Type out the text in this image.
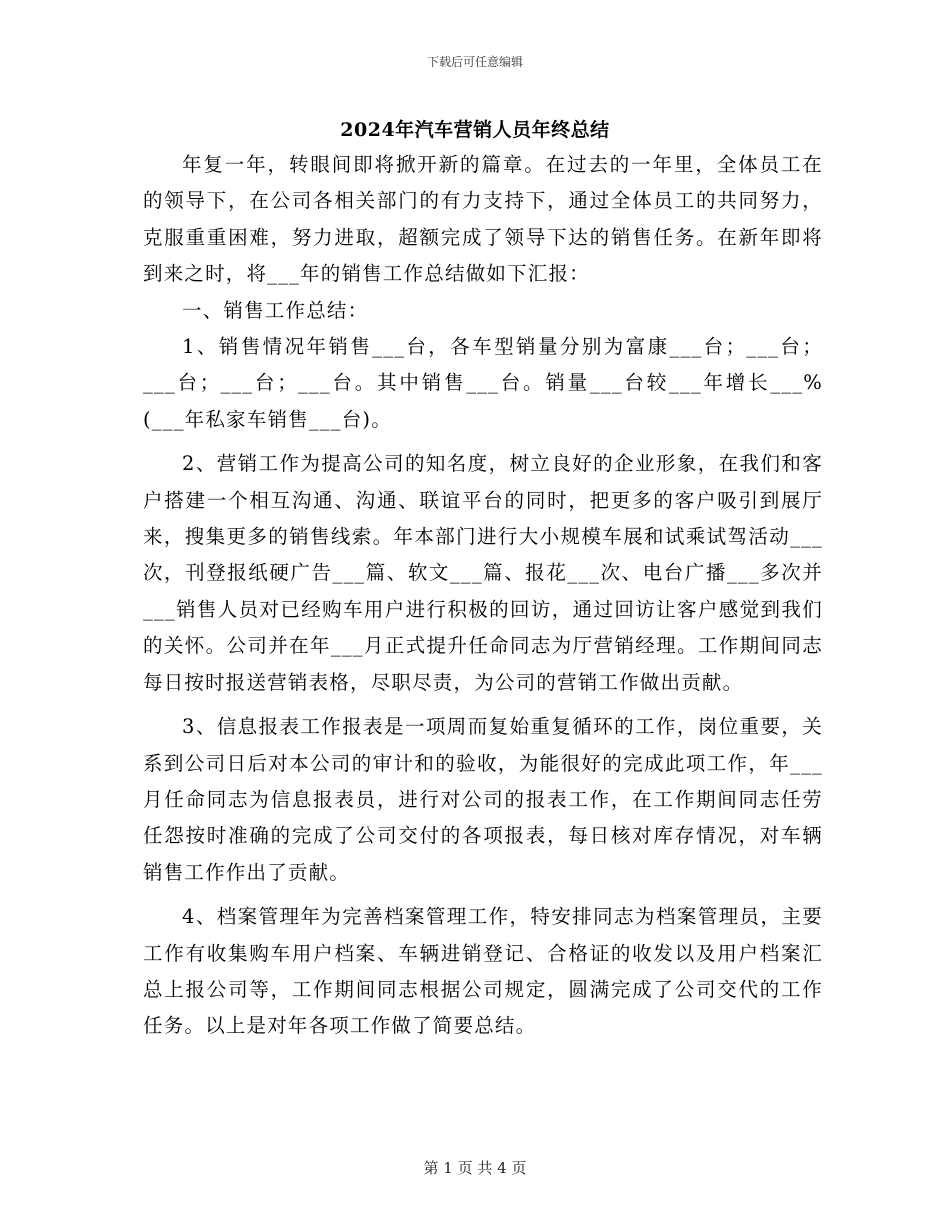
下载后可任意编辑
2024年汽车营销人员年终总结

年复一年，转眼间即将掀开新的篇章。在过去的一年里，全体员工在的领导下，在公司各相关部门的有力支持下，通过全体员工的共同努力，克服重重困难，努力进取，超额完成了领导下达的销售任务。在新年即将到来之时，将___年的销售工作总结做如下汇报：

一、销售工作总结：

1、销售情况年销售___台，各车型销量分别为富康___台；___台；___台；___台；___台。其中销售___台。销量___台较___年增长___%(___年私家车销售___台)。

2、营销工作为提高公司的知名度，树立良好的企业形象，在我们和客户搭建一个相互沟通、沟通、联谊平台的同时，把更多的客户吸引到展厅来，搜集更多的销售线索。年本部门进行大小规模车展和试乘试驾活动___次，刊登报纸硬广告___篇、软文___篇、报花___次、电台广播___多次并___销售人员对已经购车用户进行积极的回访，通过回访让客户感觉到我们的关怀。公司并在年___月正式提升任命同志为厅营销经理。工作期间同志每日按时报送营销表格，尽职尽责，为公司的营销工作做出贡献。

3、信息报表工作报表是一项周而复始重复循环的工作，岗位重要，关系到公司日后对本公司的审计和的验收，为能很好的完成此项工作，年___月任命同志为信息报表员，进行对公司的报表工作，在工作期间同志任劳任怨按时准确的完成了公司交付的各项报表，每日核对库存情况，对车辆销售工作作出了贡献。

4、档案管理年为完善档案管理工作，特安排同志为档案管理员，主要工作有收集购车用户档案、车辆进销登记、合格证的收发以及用户档案汇总上报公司等，工作期间同志根据公司规定，圆满完成了公司交代的工作任务。以上是对年各项工作做了简要总结。

第 1 页 共 4 页
